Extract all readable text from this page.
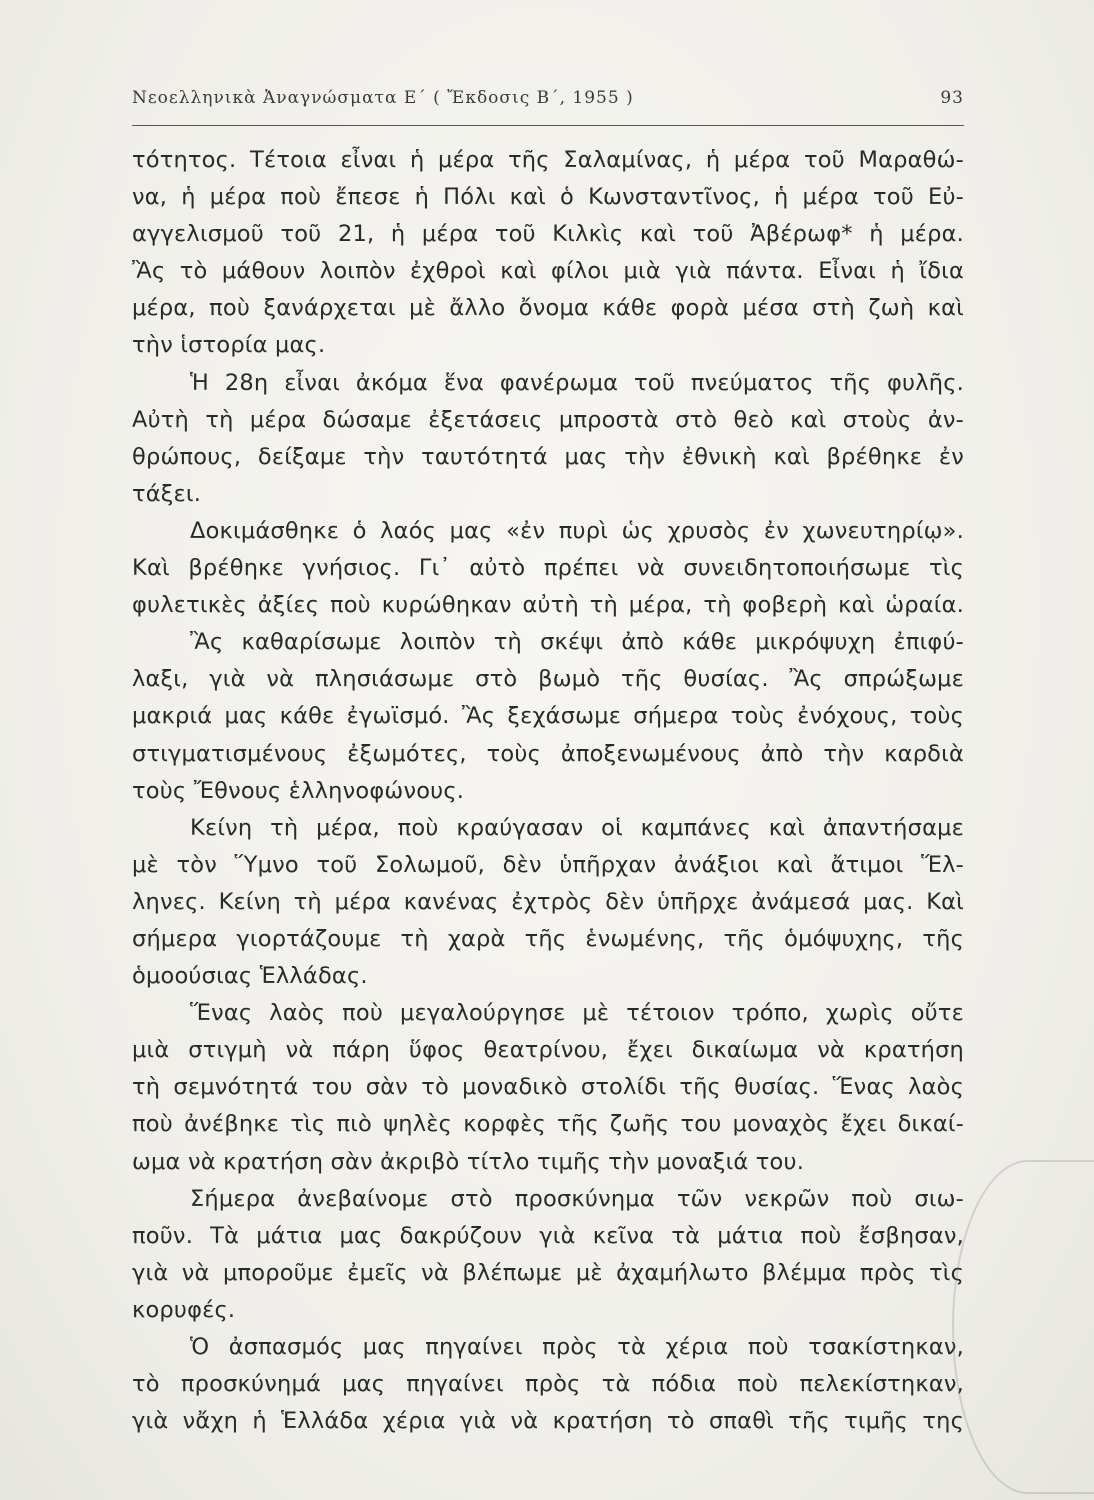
Νεοελληνικὰ Ἀναγνώσματα Ε΄ ( Ἔκδοσις Β΄, 1955 )	93
τότητος. Τέτοια εἶναι ἡ μέρα τῆς Σαλαμίνας, ἡ μέρα τοῦ Μαραθώ-
να, ἡ μέρα ποὺ ἔπεσε ἡ Πόλι καὶ ὁ Κωνσταντῖνος, ἡ μέρα τοῦ Εὐ-
αγγελισμοῦ τοῦ 21, ἡ μέρα τοῦ Κιλκὶς καὶ τοῦ Ἀβέρωφ* ἡ μέρα.
Ἂς τὸ μάθουν λοιπὸν ἐχθροὶ καὶ φίλοι μιὰ γιὰ πάντα. Εἶναι ἡ ἴδια
μέρα, ποὺ ξανάρχεται μὲ ἄλλο ὄνομα κάθε φορὰ μέσα στὴ ζωὴ καὶ
τὴν ἱστορία μας.
Ἡ 28η εἶναι ἀκόμα ἕνα φανέρωμα τοῦ πνεύματος τῆς φυλῆς.
Αὐτὴ τὴ μέρα δώσαμε ἐξετάσεις μπροστὰ στὸ θεὸ καὶ στοὺς ἀν-
θρώπους, δείξαμε τὴν ταυτότητά μας τὴν ἐθνικὴ καὶ βρέθηκε ἐν
τάξει.
Δοκιμάσθηκε ὁ λαός μας «ἐν πυρὶ ὡς χρυσὸς ἐν χωνευτηρίῳ».
Καὶ βρέθηκε γνήσιος. Γι᾽ αὐτὸ πρέπει νὰ συνειδητοποιήσωμε τὶς
φυλετικὲς ἀξίες ποὺ κυρώθηκαν αὐτὴ τὴ μέρα, τὴ φοβερὴ καὶ ὡραία.
Ἂς καθαρίσωμε λοιπὸν τὴ σκέψι ἀπὸ κάθε μικρόψυχη ἐπιφύ-
λαξι, γιὰ νὰ πλησιάσωμε στὸ βωμὸ τῆς θυσίας. Ἂς σπρώξωμε
μακριά μας κάθε ἐγωϊσμό. Ἂς ξεχάσωμε σήμερα τοὺς ἐνόχους, τοὺς
στιγματισμένους ἐξωμότες, τοὺς ἀποξενωμένους ἀπὸ τὴν καρδιὰ
τοὺς Ἔθνους ἑλληνοφώνους.
Κείνη τὴ μέρα, ποὺ κραύγασαν οἱ καμπάνες καὶ ἀπαντήσαμε
μὲ τὸν Ὕμνο τοῦ Σολωμοῦ, δὲν ὑπῆρχαν ἀνάξιοι καὶ ἄτιμοι Ἕλ-
ληνες. Κείνη τὴ μέρα κανένας ἐχτρὸς δὲν ὑπῆρχε ἀνάμεσά μας. Καὶ
σήμερα γιορτάζουμε τὴ χαρὰ τῆς ἑνωμένης, τῆς ὁμόψυχης, τῆς
ὁμοούσιας Ἑλλάδας.
Ἕνας λαὸς ποὺ μεγαλούργησε μὲ τέτοιον τρόπο, χωρὶς οὔτε
μιὰ στιγμὴ νὰ πάρη ὕφος θεατρίνου, ἔχει δικαίωμα νὰ κρατήση
τὴ σεμνότητά του σὰν τὸ μοναδικὸ στολίδι τῆς θυσίας. Ἕνας λαὸς
ποὺ ἀνέβηκε τὶς πιὸ ψηλὲς κορφὲς τῆς ζωῆς του μοναχὸς ἔχει δικαί-
ωμα νὰ κρατήση σὰν ἀκριβὸ τίτλο τιμῆς τὴν μοναξιά του.
Σήμερα ἀνεβαίνομε στὸ προσκύνημα τῶν νεκρῶν ποὺ σιω-
ποῦν. Τὰ μάτια μας δακρύζουν γιὰ κεῖνα τὰ μάτια ποὺ ἔσβησαν,
γιὰ νὰ μποροῦμε ἐμεῖς νὰ βλέπωμε μὲ ἀχαμήλωτο βλέμμα πρὸς τὶς
κορυφές.
Ὁ ἀσπασμός μας πηγαίνει πρὸς τὰ χέρια ποὺ τσακίστηκαν,
τὸ προσκύνημά μας πηγαίνει πρὸς τὰ πόδια ποὺ πελεκίστηκαν,
γιὰ νἄχη ἡ Ἑλλάδα χέρια γιὰ νὰ κρατήση τὸ σπαθὶ τῆς τιμῆς της
